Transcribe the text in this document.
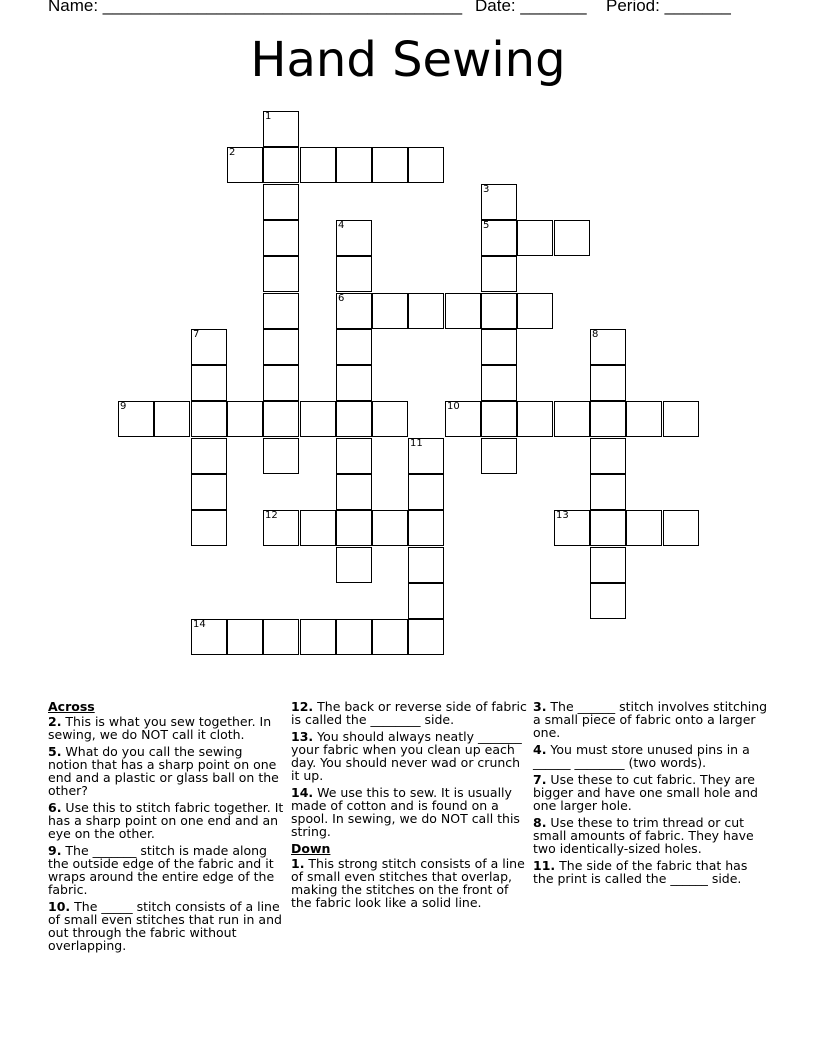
Name: ______________________________________ Date: _______ Period: _______
Hand Sewing
1
2
3
5
4
6
7	8
9	10
11
12	13
14
Across
2. This is what you sew together. In sewing, we do NOT call it cloth.
5. What do you call the sewing notion that has a sharp point on one end and a plastic or glass ball on the other?
6. Use this to stitch fabric together. It has a sharp point on one end and an eye on the other.
9. The _______ stitch is made along the outside edge of the fabric and it wraps around the entire edge of the fabric.
10. The _____ stitch consists of a line of small even stitches that run in and out through the fabric without overlapping.
12. The back or reverse side of fabric is called the ________ side.
13. You should always neatly _______ your fabric when you clean up each day. You should never wad or crunch it up.
14. We use this to sew. It is usually made of cotton and is found on a spool. In sewing, we do NOT call this string.
Down
1. This strong stitch consists of a line of small even stitches that overlap, making the stitches on the front of the fabric look like a solid line.
3. The ______ stitch involves stitching a small piece of fabric onto a larger one.
4. You must store unused pins in a ______ ________ (two words).
7. Use these to cut fabric. They are bigger and have one small hole and one larger hole.
8. Use these to trim thread or cut small amounts of fabric. They have two identically-sized holes.
11. The side of the fabric that has the print is called the ______ side.
